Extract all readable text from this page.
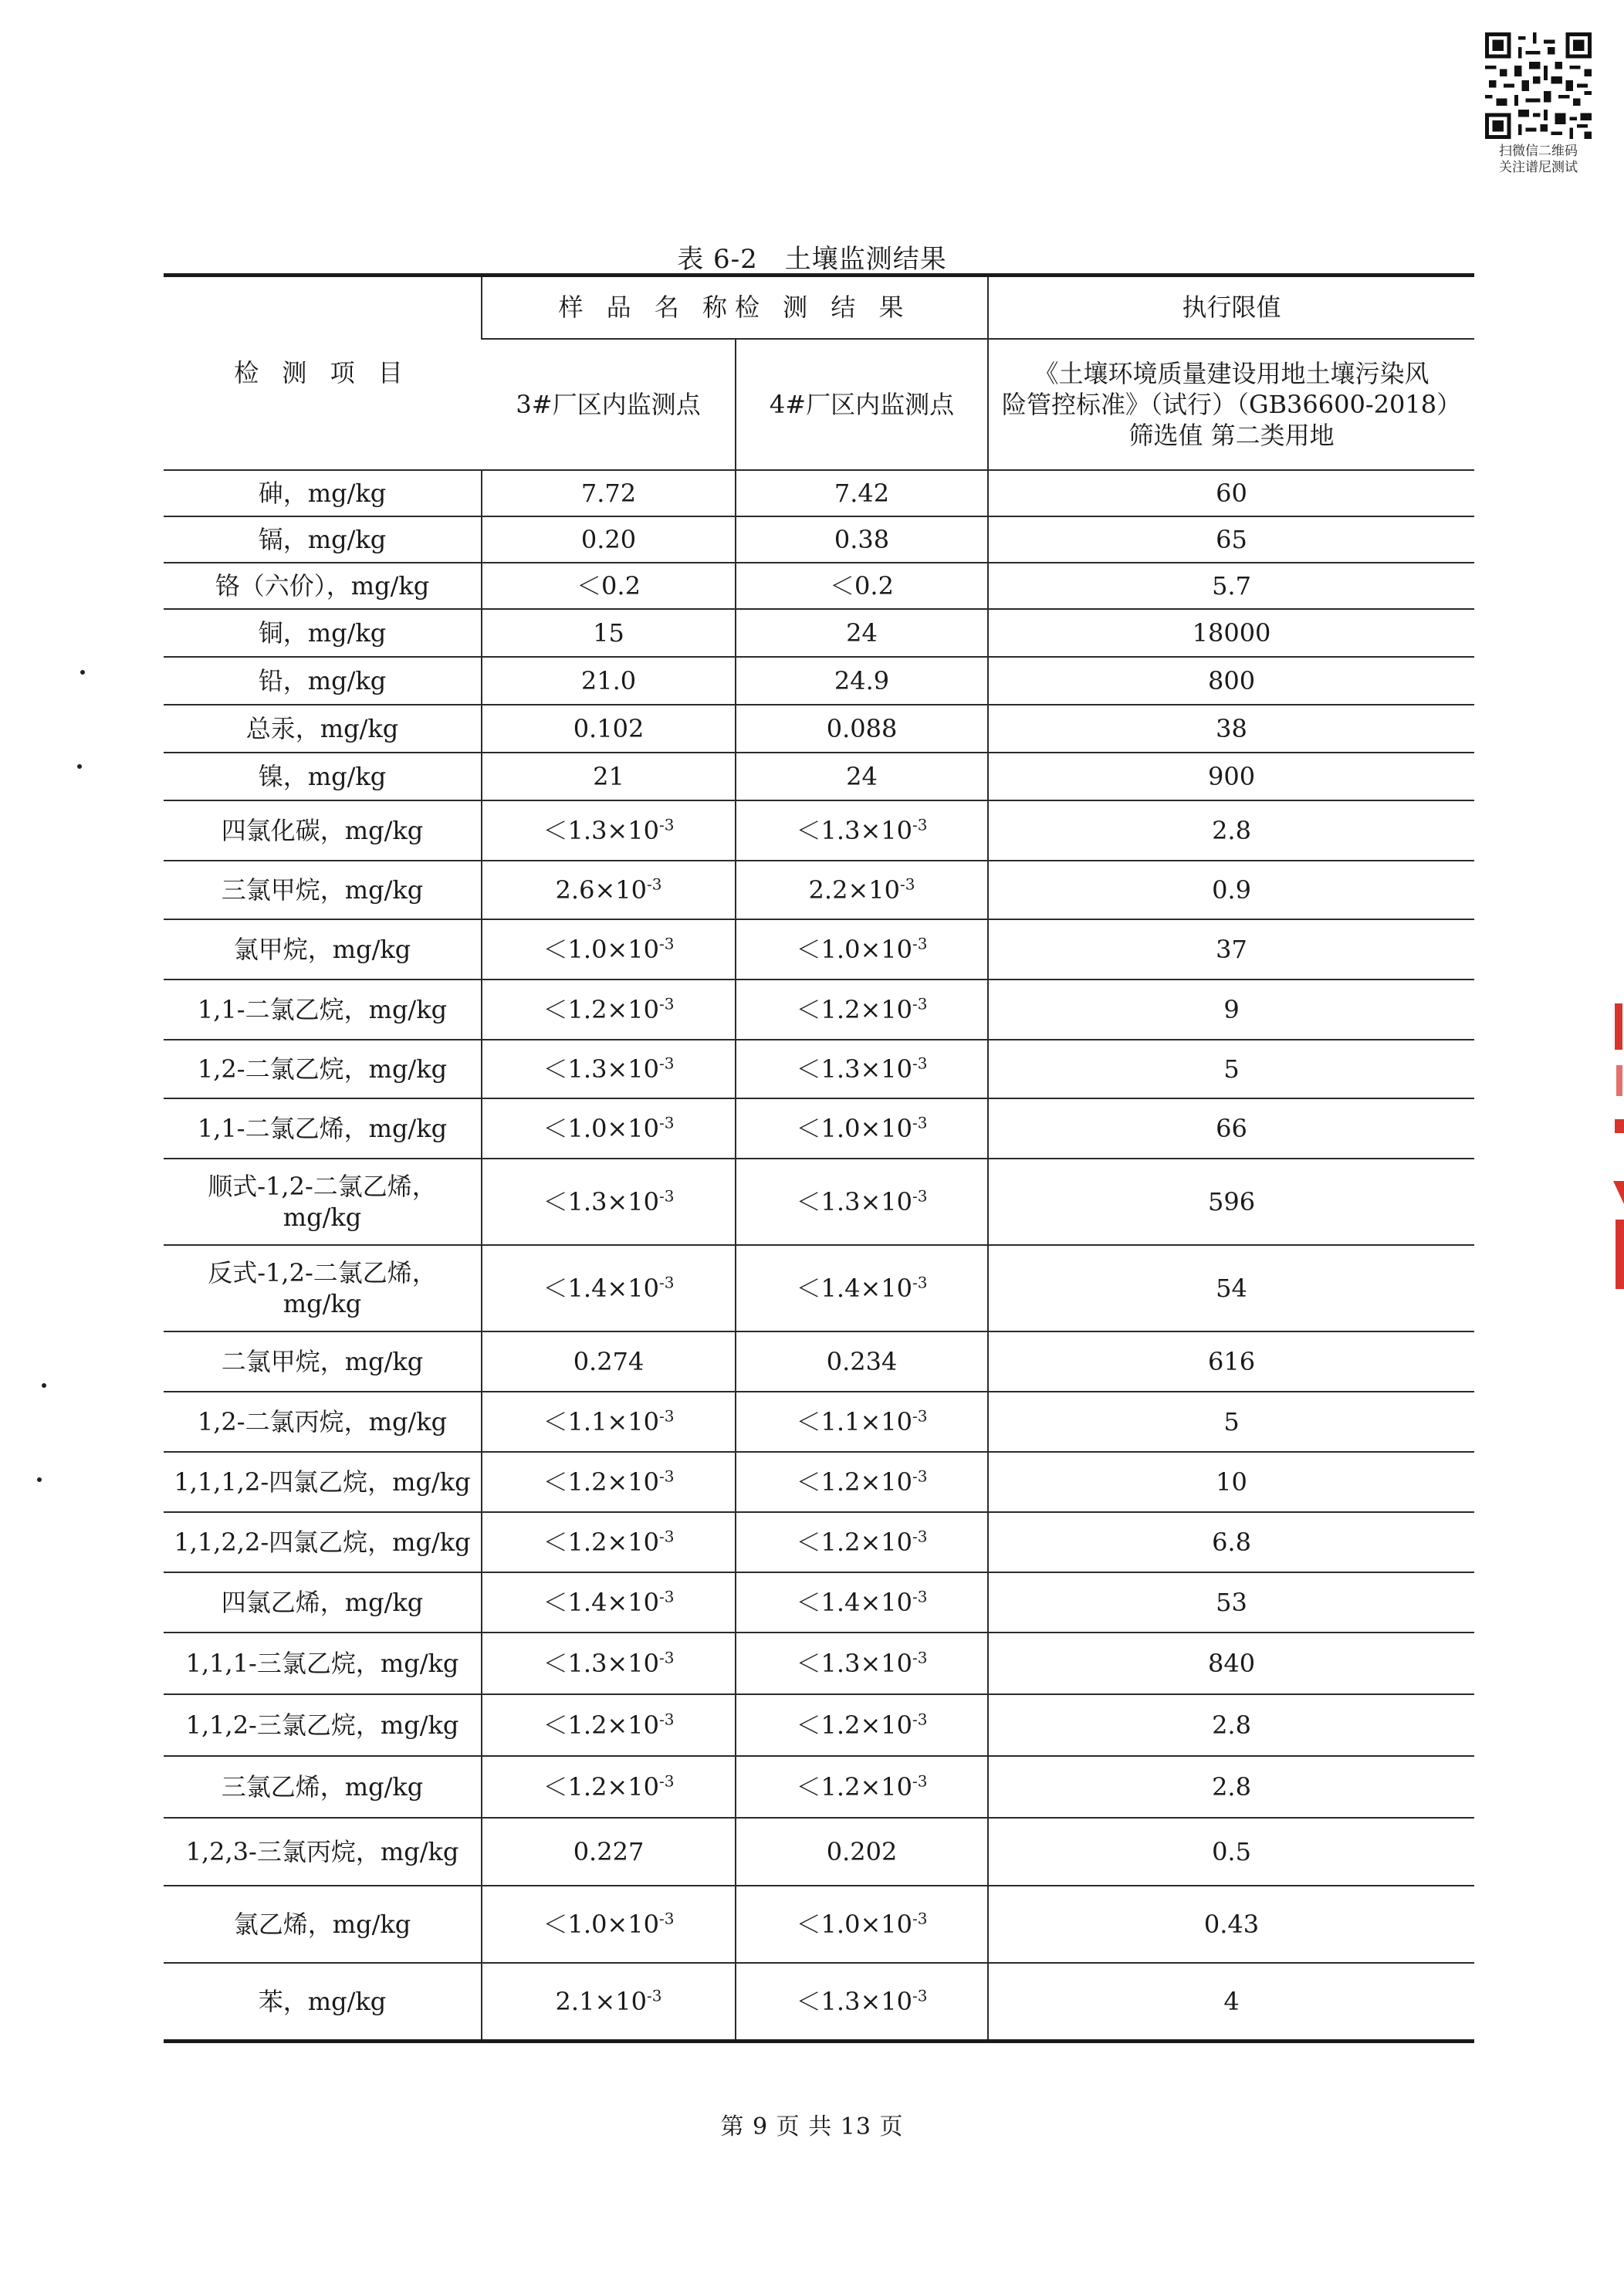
扫微信二维码
关注谱尼测试
表 6-2　土壤监测结果
检 测 项 目	样 品 名 称检 测 结 果		执行限值
	3#厂区内监测点	4#厂区内监测点	《土壤环境质量建设用地土壤污染风
险管控标准》（试行）（GB36600-2018）
筛选值 第二类用地

砷，mg/kg	7.72	7.42	60

镉，mg/kg	0.20	0.38	65

铬（六价），mg/kg	＜0.2	＜0.2	5.7

铜，mg/kg	15	24	18000

铅，mg/kg	21.0	24.9	800

总汞，mg/kg	0.102	0.088	38

镍，mg/kg	21	24	900

四氯化碳，mg/kg	$<1.3\times 10^{-3}$	$<1.3\times 10^{-3}$	2.8

三氯甲烷，mg/kg	$2.6\times 10^{-3}$	$2.2\times 10^{-3}$	0.9

氯甲烷，mg/kg	$<1.0\times 10^{-3}$	$<1.0\times 10^{-3}$	37

1,1-二氯乙烷，mg/kg	$<1.2\times 10^{-3}$	$<1.2\times 10^{-3}$	9

1,2-二氯乙烷，mg/kg	$<1.3\times 10^{-3}$	$<1.3\times 10^{-3}$	5

1,1-二氯乙烯，mg/kg	$<1.0\times 10^{-3}$	$<1.0\times 10^{-3}$	66

顺式-1,2-二氯乙烯，
mg/kg	$<1.3\times 10^{-3}$	$<1.3\times 10^{-3}$	596

反式-1,2-二氯乙烯，
mg/kg	$<1.4\times 10^{-3}$	$<1.4\times 10^{-3}$	54

二氯甲烷，mg/kg	0.274	0.234	616

1,2-二氯丙烷，mg/kg	$<1.1\times 10^{-3}$	$<1.1\times 10^{-3}$	5

1,1,1,2-四氯乙烷，mg/kg	$<1.2\times 10^{-3}$	$<1.2\times 10^{-3}$	10

1,1,2,2-四氯乙烷，mg/kg	$<1.2\times 10^{-3}$	$<1.2\times 10^{-3}$	6.8

四氯乙烯，mg/kg	$<1.4\times 10^{-3}$	$<1.4\times 10^{-3}$	53

1,1,1-三氯乙烷，mg/kg	$<1.3\times 10^{-3}$	$<1.3\times 10^{-3}$	840

1,1,2-三氯乙烷，mg/kg	$<1.2\times 10^{-3}$	$<1.2\times 10^{-3}$	2.8

三氯乙烯，mg/kg	$<1.2\times 10^{-3}$	$<1.2\times 10^{-3}$	2.8

1,2,3-三氯丙烷，mg/kg	0.227	0.202	0.5

氯乙烯，mg/kg	$<1.0\times 10^{-3}$	$<1.0\times 10^{-3}$	0.43

苯，mg/kg	$2.1\times 10^{-3}$	$<1.3\times 10^{-3}$	4
第 9 页 共 13 页
